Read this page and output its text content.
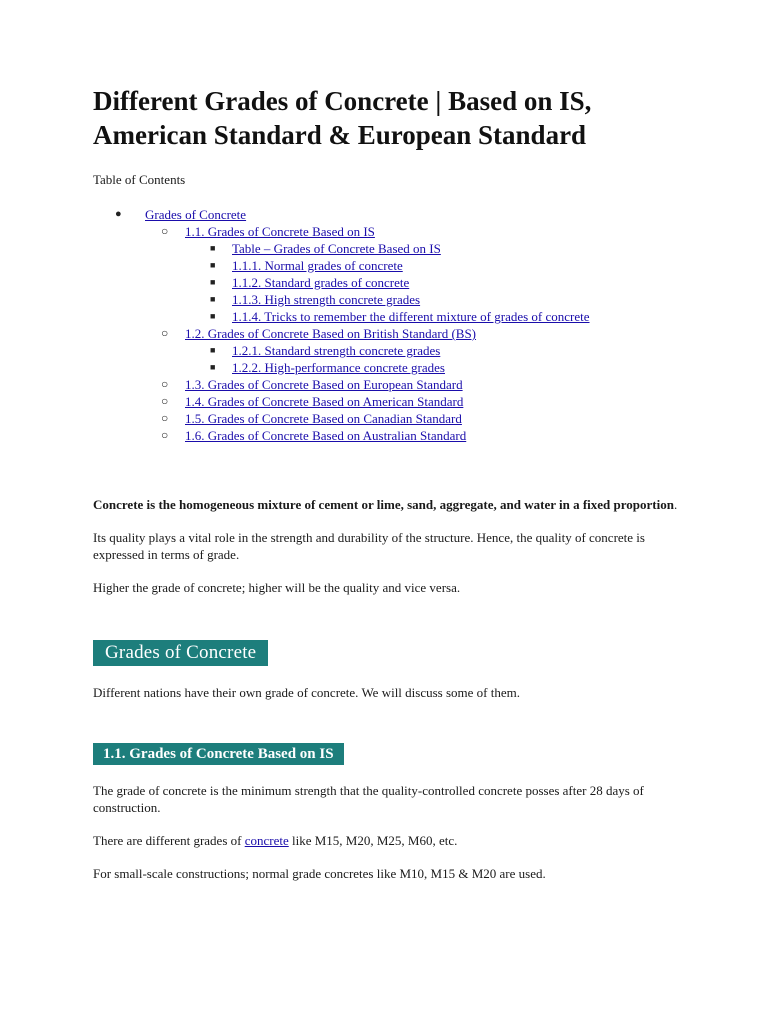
Different Grades of Concrete | Based on IS, American Standard & European Standard
Table of Contents
● Grades of Concrete
○ 1.1. Grades of Concrete Based on IS
■ Table – Grades of Concrete Based on IS
■ 1.1.1. Normal grades of concrete
■ 1.1.2. Standard grades of concrete
■ 1.1.3. High strength concrete grades
■ 1.1.4. Tricks to remember the different mixture of grades of concrete
○ 1.2. Grades of Concrete Based on British Standard (BS)
■ 1.2.1. Standard strength concrete grades
■ 1.2.2. High-performance concrete grades
○ 1.3. Grades of Concrete Based on European Standard
○ 1.4. Grades of Concrete Based on American Standard
○ 1.5. Grades of Concrete Based on Canadian Standard
○ 1.6. Grades of Concrete Based on Australian Standard

Concrete is the homogeneous mixture of cement or lime, sand, aggregate, and water in a fixed proportion.

Its quality plays a vital role in the strength and durability of the structure. Hence, the quality of concrete is expressed in terms of grade.

Higher the grade of concrete; higher will be the quality and vice versa.

Grades of Concrete

Different nations have their own grade of concrete. We will discuss some of them.

1.1. Grades of Concrete Based on IS

The grade of concrete is the minimum strength that the quality-controlled concrete posses after 28 days of construction.

There are different grades of concrete like M15, M20, M25, M60, etc.

For small-scale constructions; normal grade concretes like M10, M15 & M20 are used.
